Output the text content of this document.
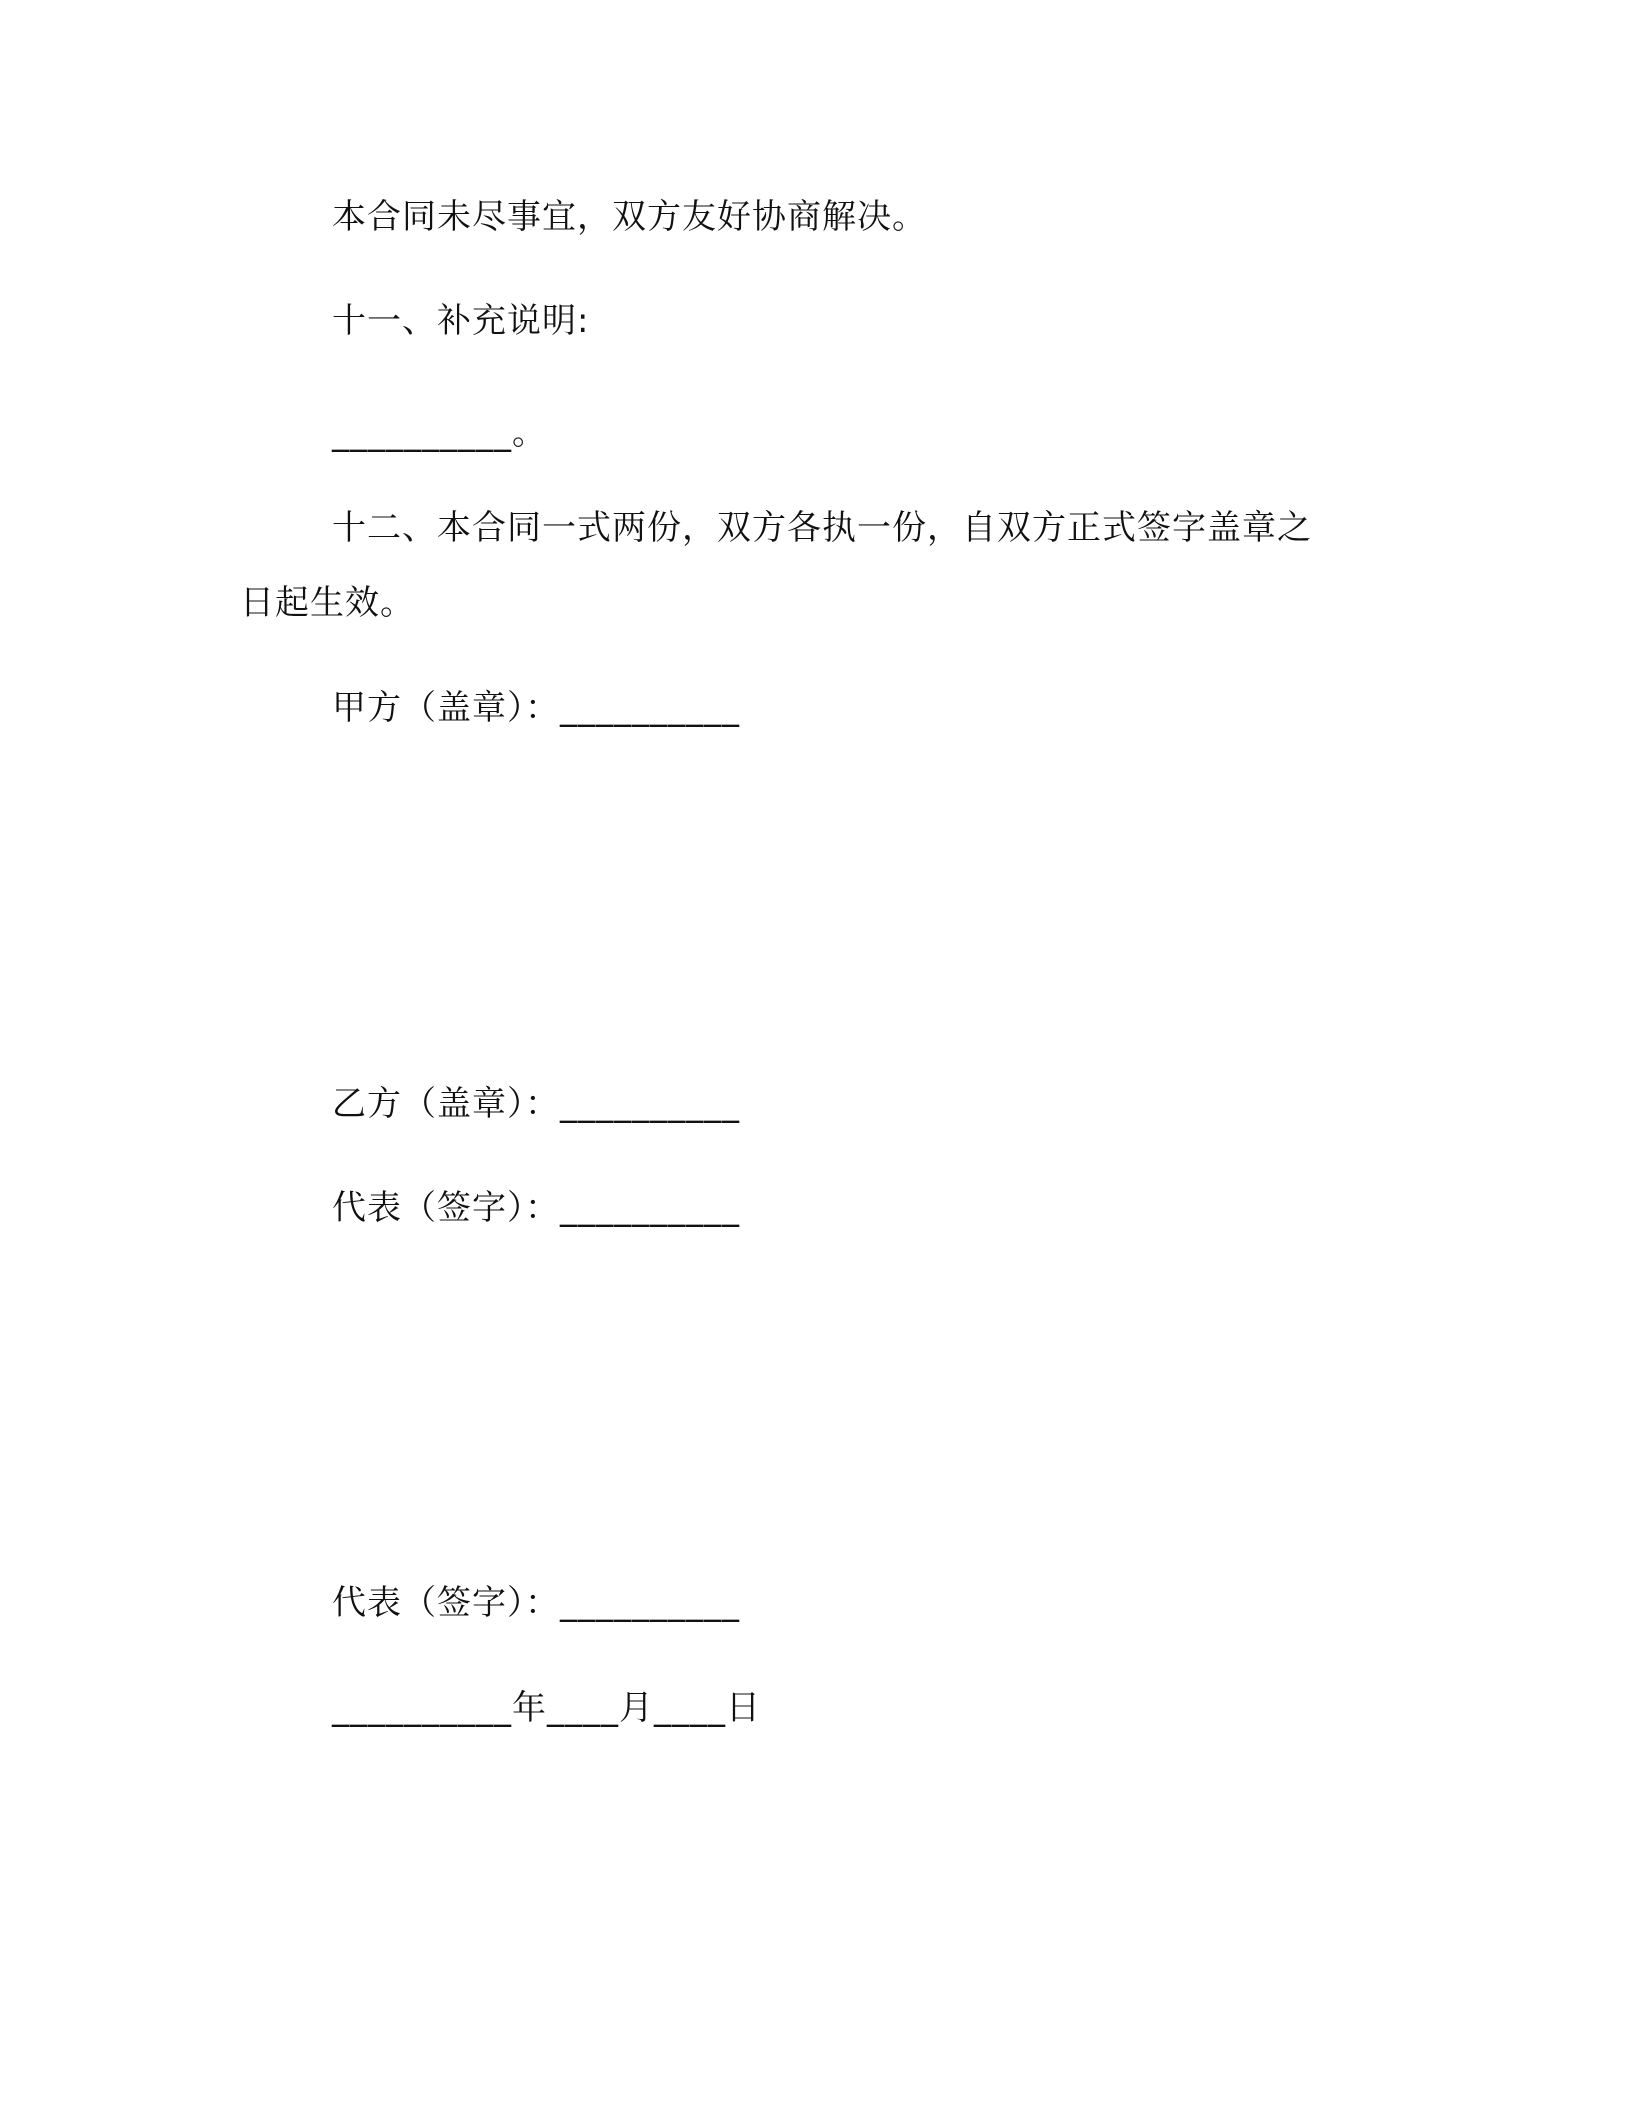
本合同未尽事宜，双方友好协商解决。
十一、补充说明:
__________。
十二、本合同一式两份，双方各执一份，自双方正式签字盖章之
日起生效。
甲方（盖章）：__________
乙方（盖章）：__________
代表（签字）：__________
代表（签字）：__________
__________年____月____日
